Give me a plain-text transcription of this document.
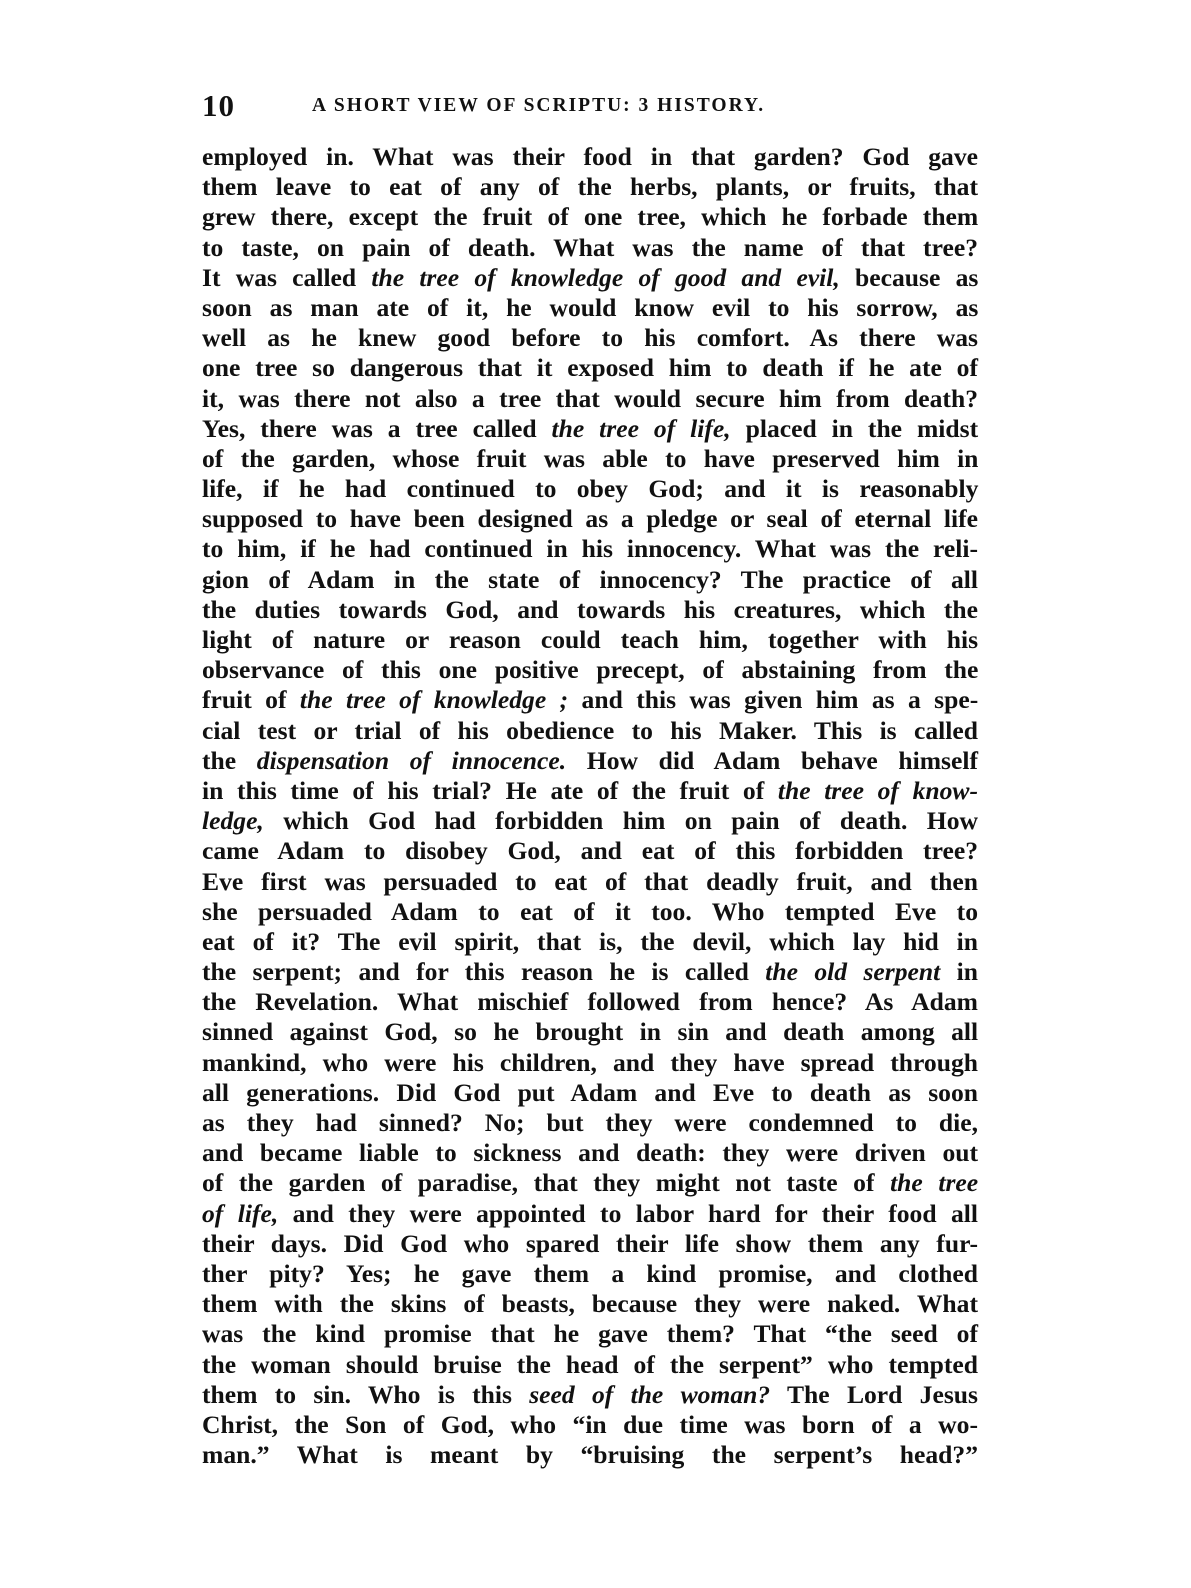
10	A SHORT VIEW OF SCRIPTU: 3 HISTORY.
employed in. What was their food in that garden? God gave
them leave to eat of any of the herbs, plants, or fruits, that
grew there, except the fruit of one tree, which he forbade them
to taste, on pain of death. What was the name of that tree?
It was called the tree of knowledge of good and evil, because as
soon as man ate of it, he would know evil to his sorrow, as
well as he knew good before to his comfort. As there was
one tree so dangerous that it exposed him to death if he ate of
it, was there not also a tree that would secure him from death?
Yes, there was a tree called the tree of life, placed in the midst
of the garden, whose fruit was able to have preserved him in
life, if he had continued to obey God; and it is reasonably
supposed to have been designed as a pledge or seal of eternal life
to him, if he had continued in his innocency. What was the reli-
gion of Adam in the state of innocency? The practice of all
the duties towards God, and towards his creatures, which the
light of nature or reason could teach him, together with his
observance of this one positive precept, of abstaining from the
fruit of the tree of knowledge ; and this was given him as a spe-
cial test or trial of his obedience to his Maker. This is called
the dispensation of innocence. How did Adam behave himself
in this time of his trial? He ate of the fruit of the tree of know-
ledge, which God had forbidden him on pain of death. How
came Adam to disobey God, and eat of this forbidden tree?
Eve first was persuaded to eat of that deadly fruit, and then
she persuaded Adam to eat of it too. Who tempted Eve to
eat of it? The evil spirit, that is, the devil, which lay hid in
the serpent; and for this reason he is called the old serpent in
the Revelation. What mischief followed from hence? As Adam
sinned against God, so he brought in sin and death among all
mankind, who were his children, and they have spread through
all generations. Did God put Adam and Eve to death as soon
as they had sinned? No; but they were condemned to die,
and became liable to sickness and death: they were driven out
of the garden of paradise, that they might not taste of the tree
of life, and they were appointed to labor hard for their food all
their days. Did God who spared their life show them any fur-
ther pity? Yes; he gave them a kind promise, and clothed
them with the skins of beasts, because they were naked. What
was the kind promise that he gave them? That “the seed of
the woman should bruise the head of the serpent” who tempted
them to sin. Who is this seed of the woman? The Lord Jesus
Christ, the Son of God, who “in due time was born of a wo-
man.” What is meant by “bruising the serpent’s head?”
